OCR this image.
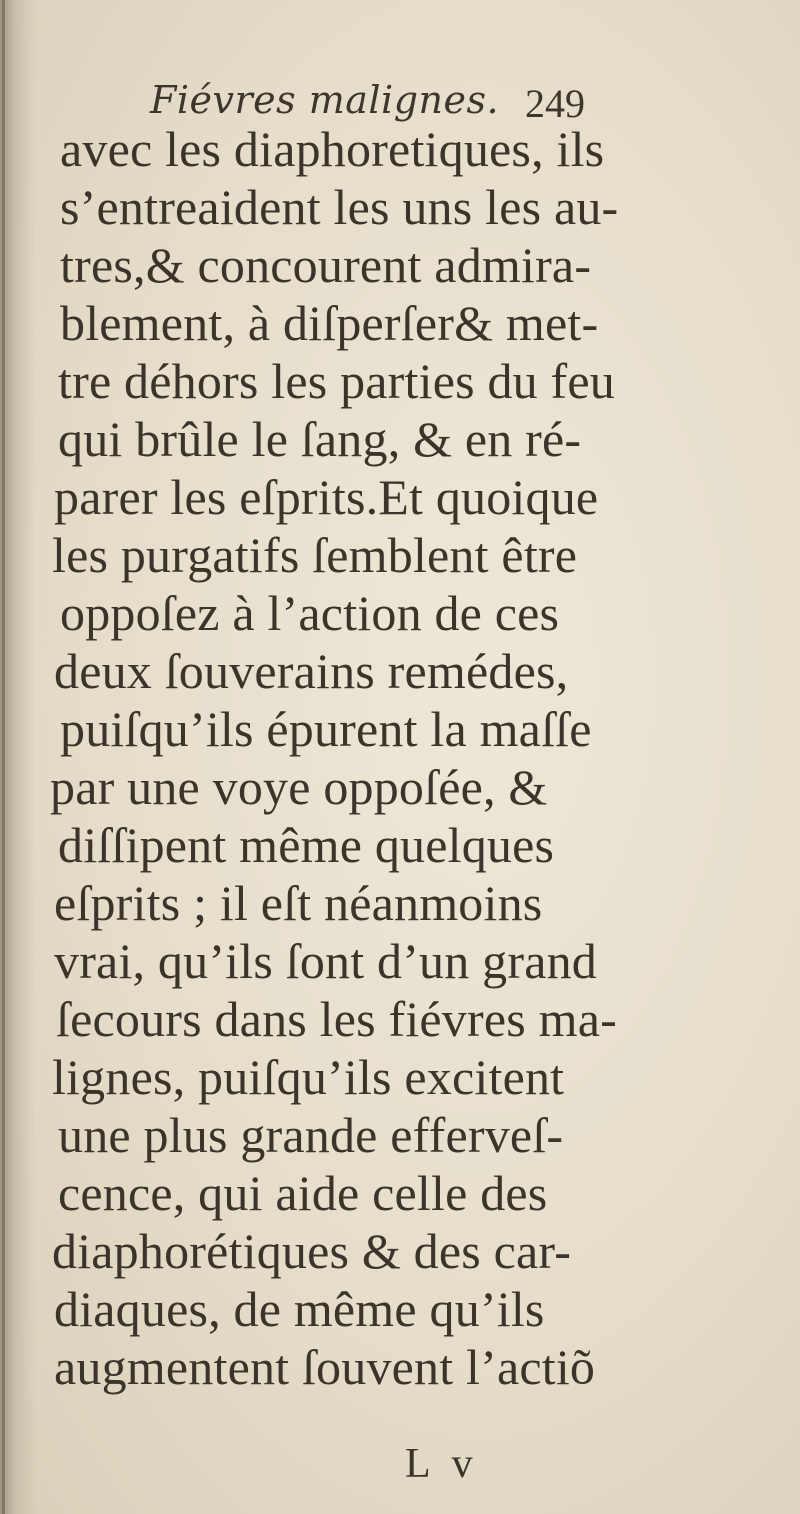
Fiévres malignes. 249
avec les diaphoretiques, ils
s’entreaident les uns les au-
tres,& concourent admira-
blement, à diſperſer& met-
tre déhors les parties du feu
qui brûle le ſang, & en ré-
parer les eſprits.Et quoique
les purgatifs ſemblent être
oppoſez à l’action de ces
deux ſouverains remédes,
puiſqu’ils épurent la maſſe
par une voye oppoſée, &
diſſipent même quelques
eſprits ; il eſt néanmoins
vrai, qu’ils ſont d’un grand
ſecours dans les fiévres ma-
lignes, puiſqu’ils excitent
une plus grande efferveſ-
cence, qui aide celle des
diaphorétiques & des car-
diaques, de même qu’ils
augmentent ſouvent l’actiõ
L v
